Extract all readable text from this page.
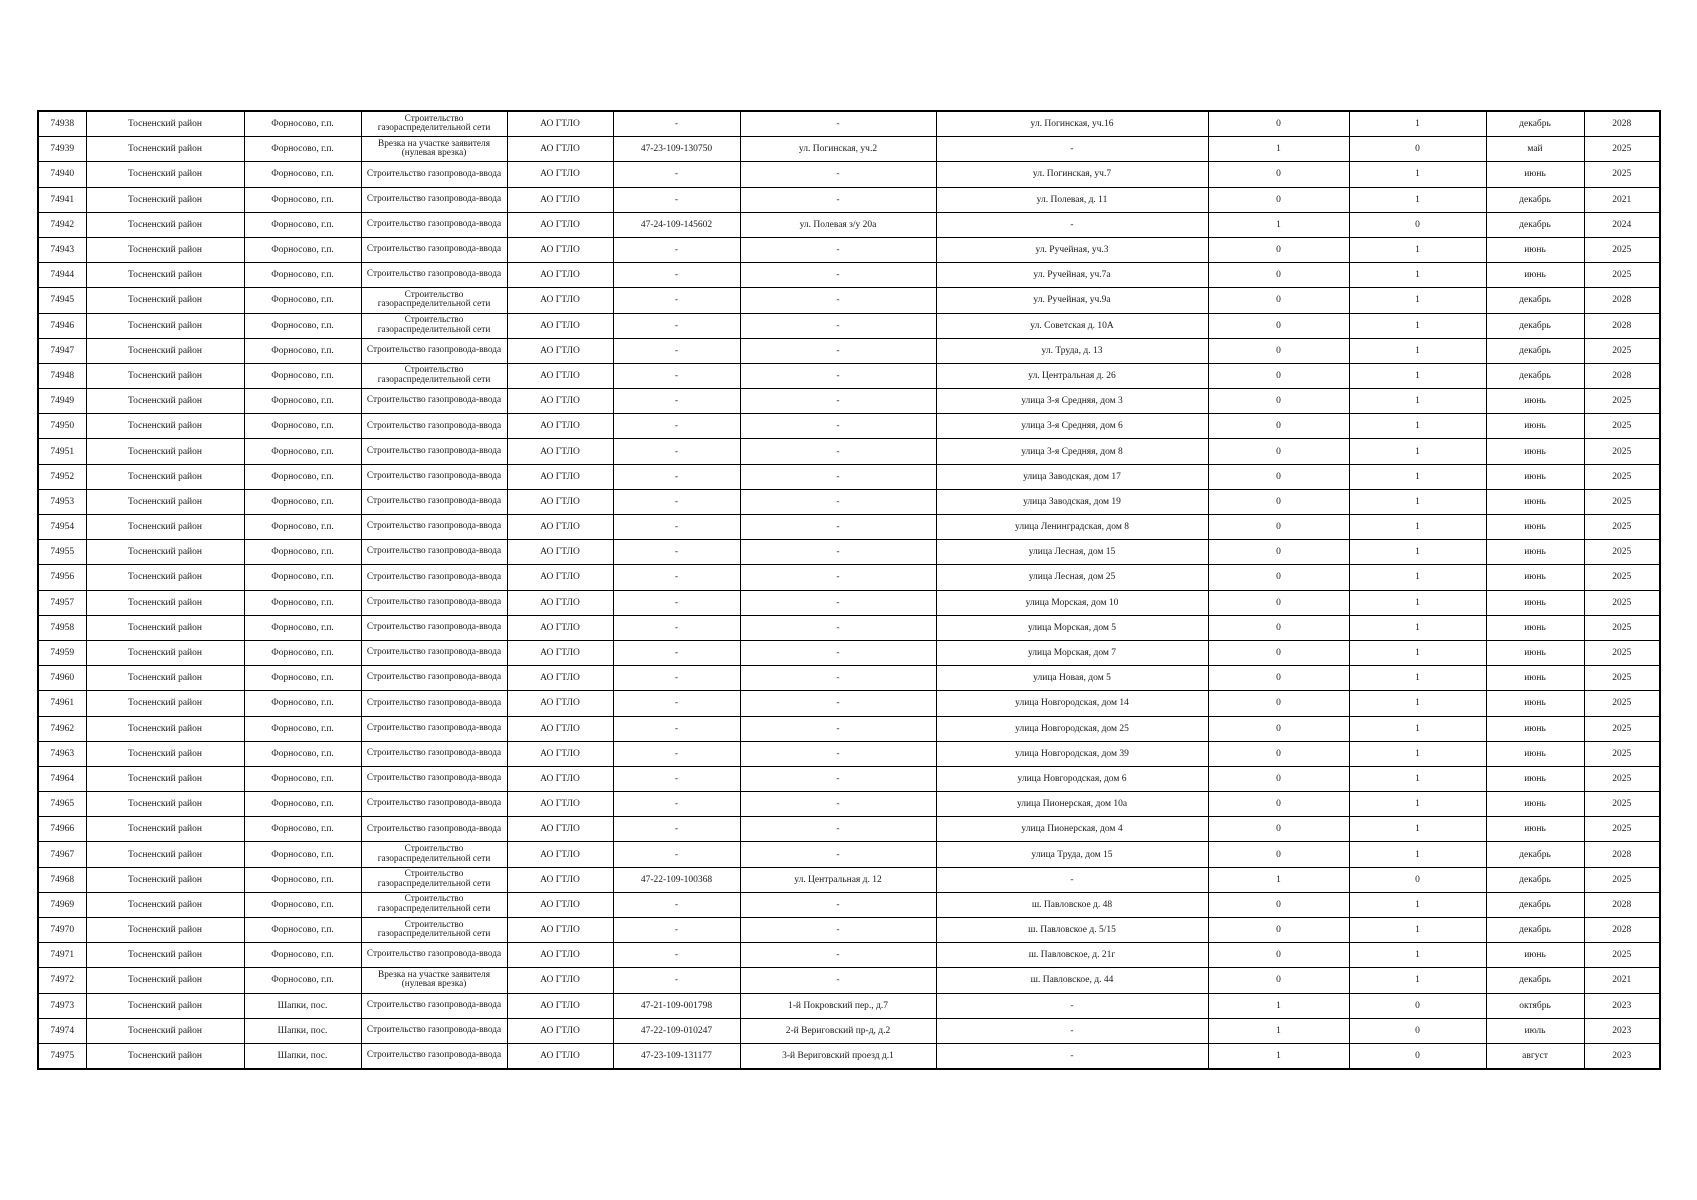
74938	Тосненский район	Форносово, г.п.	Строительство газораспределительной сети	АО ГТЛО	-	-	ул. Погинская, уч.16	0	1	декабрь	2028
74939	Тосненский район	Форносово, г.п.	Врезка на участке заявителя (нулевая врезка)	АО ГТЛО	47-23-109-130750	ул. Погинская, уч.2	-	1	0	май	2025
74940	Тосненский район	Форносово, г.п.	Строительство газопровода-ввода	АО ГТЛО	-	-	ул. Погинская, уч.7	0	1	июнь	2025
74941	Тосненский район	Форносово, г.п.	Строительство газопровода-ввода	АО ГТЛО	-	-	ул. Полевая, д. 11	0	1	декабрь	2021
74942	Тосненский район	Форносово, г.п.	Строительство газопровода-ввода	АО ГТЛО	47-24-109-145602	ул. Полевая з/у 20а	-	1	0	декабрь	2024
74943	Тосненский район	Форносово, г.п.	Строительство газопровода-ввода	АО ГТЛО	-	-	ул. Ручейная, уч.3	0	1	июнь	2025
74944	Тосненский район	Форносово, г.п.	Строительство газопровода-ввода	АО ГТЛО	-	-	ул. Ручейная, уч.7а	0	1	июнь	2025
74945	Тосненский район	Форносово, г.п.	Строительство газораспределительной сети	АО ГТЛО	-	-	ул. Ручейная, уч.9а	0	1	декабрь	2028
74946	Тосненский район	Форносово, г.п.	Строительство газораспределительной сети	АО ГТЛО	-	-	ул. Советская д. 10А	0	1	декабрь	2028
74947	Тосненский район	Форносово, г.п.	Строительство газопровода-ввода	АО ГТЛО	-	-	ул. Труда, д. 13	0	1	декабрь	2025
74948	Тосненский район	Форносово, г.п.	Строительство газораспределительной сети	АО ГТЛО	-	-	ул. Центральная д. 26	0	1	декабрь	2028
74949	Тосненский район	Форносово, г.п.	Строительство газопровода-ввода	АО ГТЛО	-	-	улица 3-я Средняя, дом 3	0	1	июнь	2025
74950	Тосненский район	Форносово, г.п.	Строительство газопровода-ввода	АО ГТЛО	-	-	улица 3-я Средняя, дом 6	0	1	июнь	2025
74951	Тосненский район	Форносово, г.п.	Строительство газопровода-ввода	АО ГТЛО	-	-	улица 3-я Средняя, дом 8	0	1	июнь	2025
74952	Тосненский район	Форносово, г.п.	Строительство газопровода-ввода	АО ГТЛО	-	-	улица Заводская, дом 17	0	1	июнь	2025
74953	Тосненский район	Форносово, г.п.	Строительство газопровода-ввода	АО ГТЛО	-	-	улица Заводская, дом 19	0	1	июнь	2025
74954	Тосненский район	Форносово, г.п.	Строительство газопровода-ввода	АО ГТЛО	-	-	улица Ленинградская, дом 8	0	1	июнь	2025
74955	Тосненский район	Форносово, г.п.	Строительство газопровода-ввода	АО ГТЛО	-	-	улица Лесная, дом 15	0	1	июнь	2025
74956	Тосненский район	Форносово, г.п.	Строительство газопровода-ввода	АО ГТЛО	-	-	улица Лесная, дом 25	0	1	июнь	2025
74957	Тосненский район	Форносово, г.п.	Строительство газопровода-ввода	АО ГТЛО	-	-	улица Морская, дом 10	0	1	июнь	2025
74958	Тосненский район	Форносово, г.п.	Строительство газопровода-ввода	АО ГТЛО	-	-	улица Морская, дом 5	0	1	июнь	2025
74959	Тосненский район	Форносово, г.п.	Строительство газопровода-ввода	АО ГТЛО	-	-	улица Морская, дом 7	0	1	июнь	2025
74960	Тосненский район	Форносово, г.п.	Строительство газопровода-ввода	АО ГТЛО	-	-	улица Новая, дом 5	0	1	июнь	2025
74961	Тосненский район	Форносово, г.п.	Строительство газопровода-ввода	АО ГТЛО	-	-	улица Новгородская, дом 14	0	1	июнь	2025
74962	Тосненский район	Форносово, г.п.	Строительство газопровода-ввода	АО ГТЛО	-	-	улица Новгородская, дом 25	0	1	июнь	2025
74963	Тосненский район	Форносово, г.п.	Строительство газопровода-ввода	АО ГТЛО	-	-	улица Новгородская, дом 39	0	1	июнь	2025
74964	Тосненский район	Форносово, г.п.	Строительство газопровода-ввода	АО ГТЛО	-	-	улица Новгородская, дом 6	0	1	июнь	2025
74965	Тосненский район	Форносово, г.п.	Строительство газопровода-ввода	АО ГТЛО	-	-	улица Пионерская, дом 10а	0	1	июнь	2025
74966	Тосненский район	Форносово, г.п.	Строительство газопровода-ввода	АО ГТЛО	-	-	улица Пионерская, дом 4	0	1	июнь	2025
74967	Тосненский район	Форносово, г.п.	Строительство газораспределительной сети	АО ГТЛО	-	-	улица Труда, дом 15	0	1	декабрь	2028
74968	Тосненский район	Форносово, г.п.	Строительство газораспределительной сети	АО ГТЛО	47-22-109-100368	ул. Центральная д. 12	-	1	0	декабрь	2025
74969	Тосненский район	Форносово, г.п.	Строительство газораспределительной сети	АО ГТЛО	-	-	ш. Павловское д. 48	0	1	декабрь	2028
74970	Тосненский район	Форносово, г.п.	Строительство газораспределительной сети	АО ГТЛО	-	-	ш. Павловское д. 5/15	0	1	декабрь	2028
74971	Тосненский район	Форносово, г.п.	Строительство газопровода-ввода	АО ГТЛО	-	-	ш. Павловское, д. 21г	0	1	июнь	2025
74972	Тосненский район	Форносово, г.п.	Врезка на участке заявителя (нулевая врезка)	АО ГТЛО	-	-	ш. Павловское, д. 44	0	1	декабрь	2021
74973	Тосненский район	Шапки, пос.	Строительство газопровода-ввода	АО ГТЛО	47-21-109-001798	1-й Покровский пер., д.7	-	1	0	октябрь	2023
74974	Тосненский район	Шапки, пос.	Строительство газопровода-ввода	АО ГТЛО	47-22-109-010247	2-й Вериговский пр-д, д.2	-	1	0	июль	2023
74975	Тосненский район	Шапки, пос.	Строительство газопровода-ввода	АО ГТЛО	47-23-109-131177	3-й Вериговский проезд д.1	-	1	0	август	2023
